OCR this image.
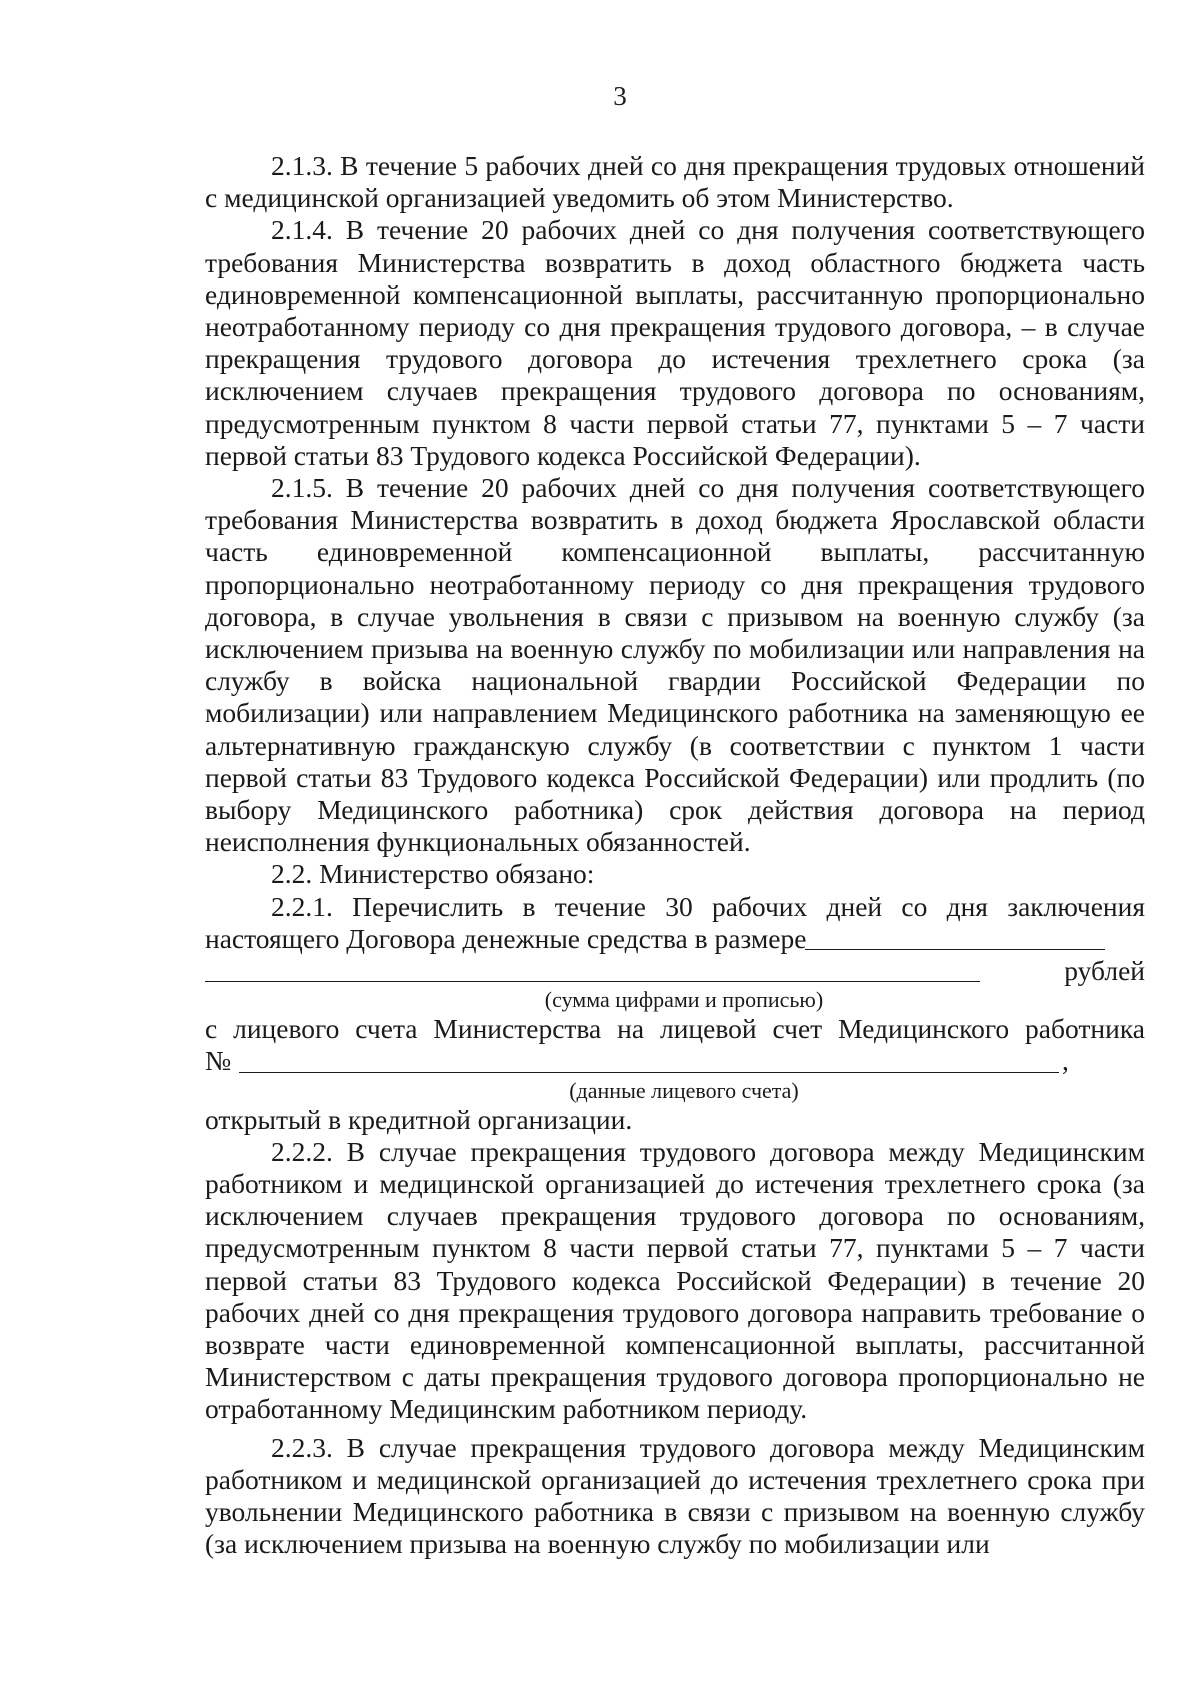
3

2.1.3. В течение 5 рабочих дней со дня прекращения трудовых отношений с медицинской организацией уведомить об этом Министерство.

2.1.4. В течение 20 рабочих дней со дня получения соответствующего требования Министерства возвратить в доход областного бюджета часть единовременной компенсационной выплаты, рассчитанную пропорционально неотработанному периоду со дня прекращения трудового договора, – в случае прекращения трудового договора до истечения трехлетнего срока (за исключением случаев прекращения трудового договора по основаниям, предусмотренным пунктом 8 части первой статьи 77, пунктами 5 – 7 части первой статьи 83 Трудового кодекса Российской Федерации).

2.1.5. В течение 20 рабочих дней со дня получения соответствующего требования Министерства возвратить в доход бюджета Ярославской области часть единовременной компенсационной выплаты, рассчитанную пропорционально неотработанному периоду со дня прекращения трудового договора, в случае увольнения в связи с призывом на военную службу (за исключением призыва на военную службу по мобилизации или направления на службу в войска национальной гвардии Российской Федерации по мобилизации) или направлением Медицинского работника на заменяющую ее альтернативную гражданскую службу (в соответствии с пунктом 1 части первой статьи 83 Трудового кодекса Российской Федерации) или продлить (по выбору Медицинского работника) срок действия договора на период неисполнения функциональных обязанностей.

2.2. Министерство обязано:

2.2.1. Перечислить в течение 30 рабочих дней со дня заключения настоящего Договора денежные средства в размере

рублей
(сумма цифрами и прописью)

с лицевого счета Министерства на лицевой счет Медицинского работника

№	,
(данные лицевого счета)

открытый в кредитной организации.

2.2.2. В случае прекращения трудового договора между Медицинским работником и медицинской организацией до истечения трехлетнего срока (за исключением случаев прекращения трудового договора по основаниям, предусмотренным пунктом 8 части первой статьи 77, пунктами 5 – 7 части первой статьи 83 Трудового кодекса Российской Федерации) в течение 20 рабочих дней со дня прекращения трудового договора направить требование о возврате части единовременной компенсационной выплаты, рассчитанной Министерством с даты прекращения трудового договора пропорционально не отработанному Медицинским работником периоду.

2.2.3. В случае прекращения трудового договора между Медицинским работником и медицинской организацией до истечения трехлетнего срока при увольнении Медицинского работника в связи с призывом на военную службу (за исключением призыва на военную службу по мобилизации или
